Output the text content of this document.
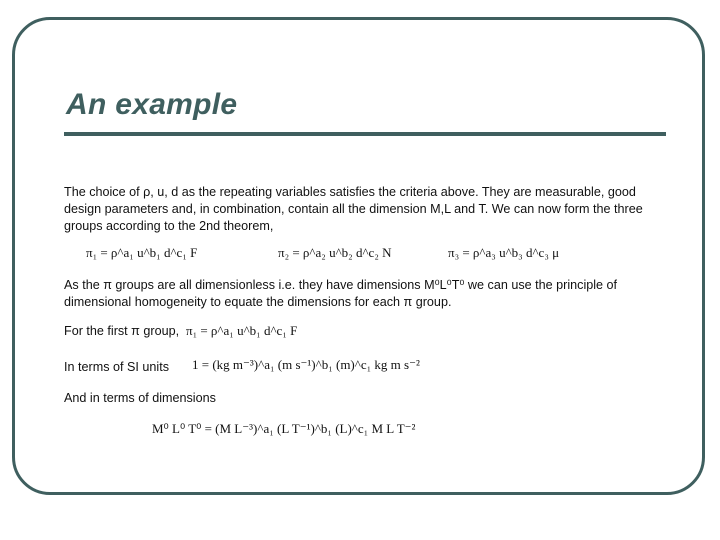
An example
The choice of ρ, u, d as the repeating variables satisfies the criteria above. They are measurable, good design parameters and, in combination, contain all the dimension M,L and T. We can now form the three groups according to the 2nd theorem,
π₁ = ρ^a₁ u^b₁ d^c₁ F	π₂ = ρ^a₂ u^b₂ d^c₂ N	π₃ = ρ^a₃ u^b₃ d^c₃ μ
As the π groups are all dimensionless i.e. they have dimensions M⁰L⁰T⁰ we can use the principle of dimensional homogeneity to equate the dimensions for each π group.
For the first π group, π₁ = ρ^a₁ u^b₁ d^c₁ F
In terms of SI units 1 = (kg m⁻³)^a₁ (m s⁻¹)^b₁ (m)^c₁ kg m s⁻²
And in terms of dimensions
M⁰ L⁰ T⁰ = (M L⁻³)^a₁ (L T⁻¹)^b₁ (L)^c₁ M L T⁻²
